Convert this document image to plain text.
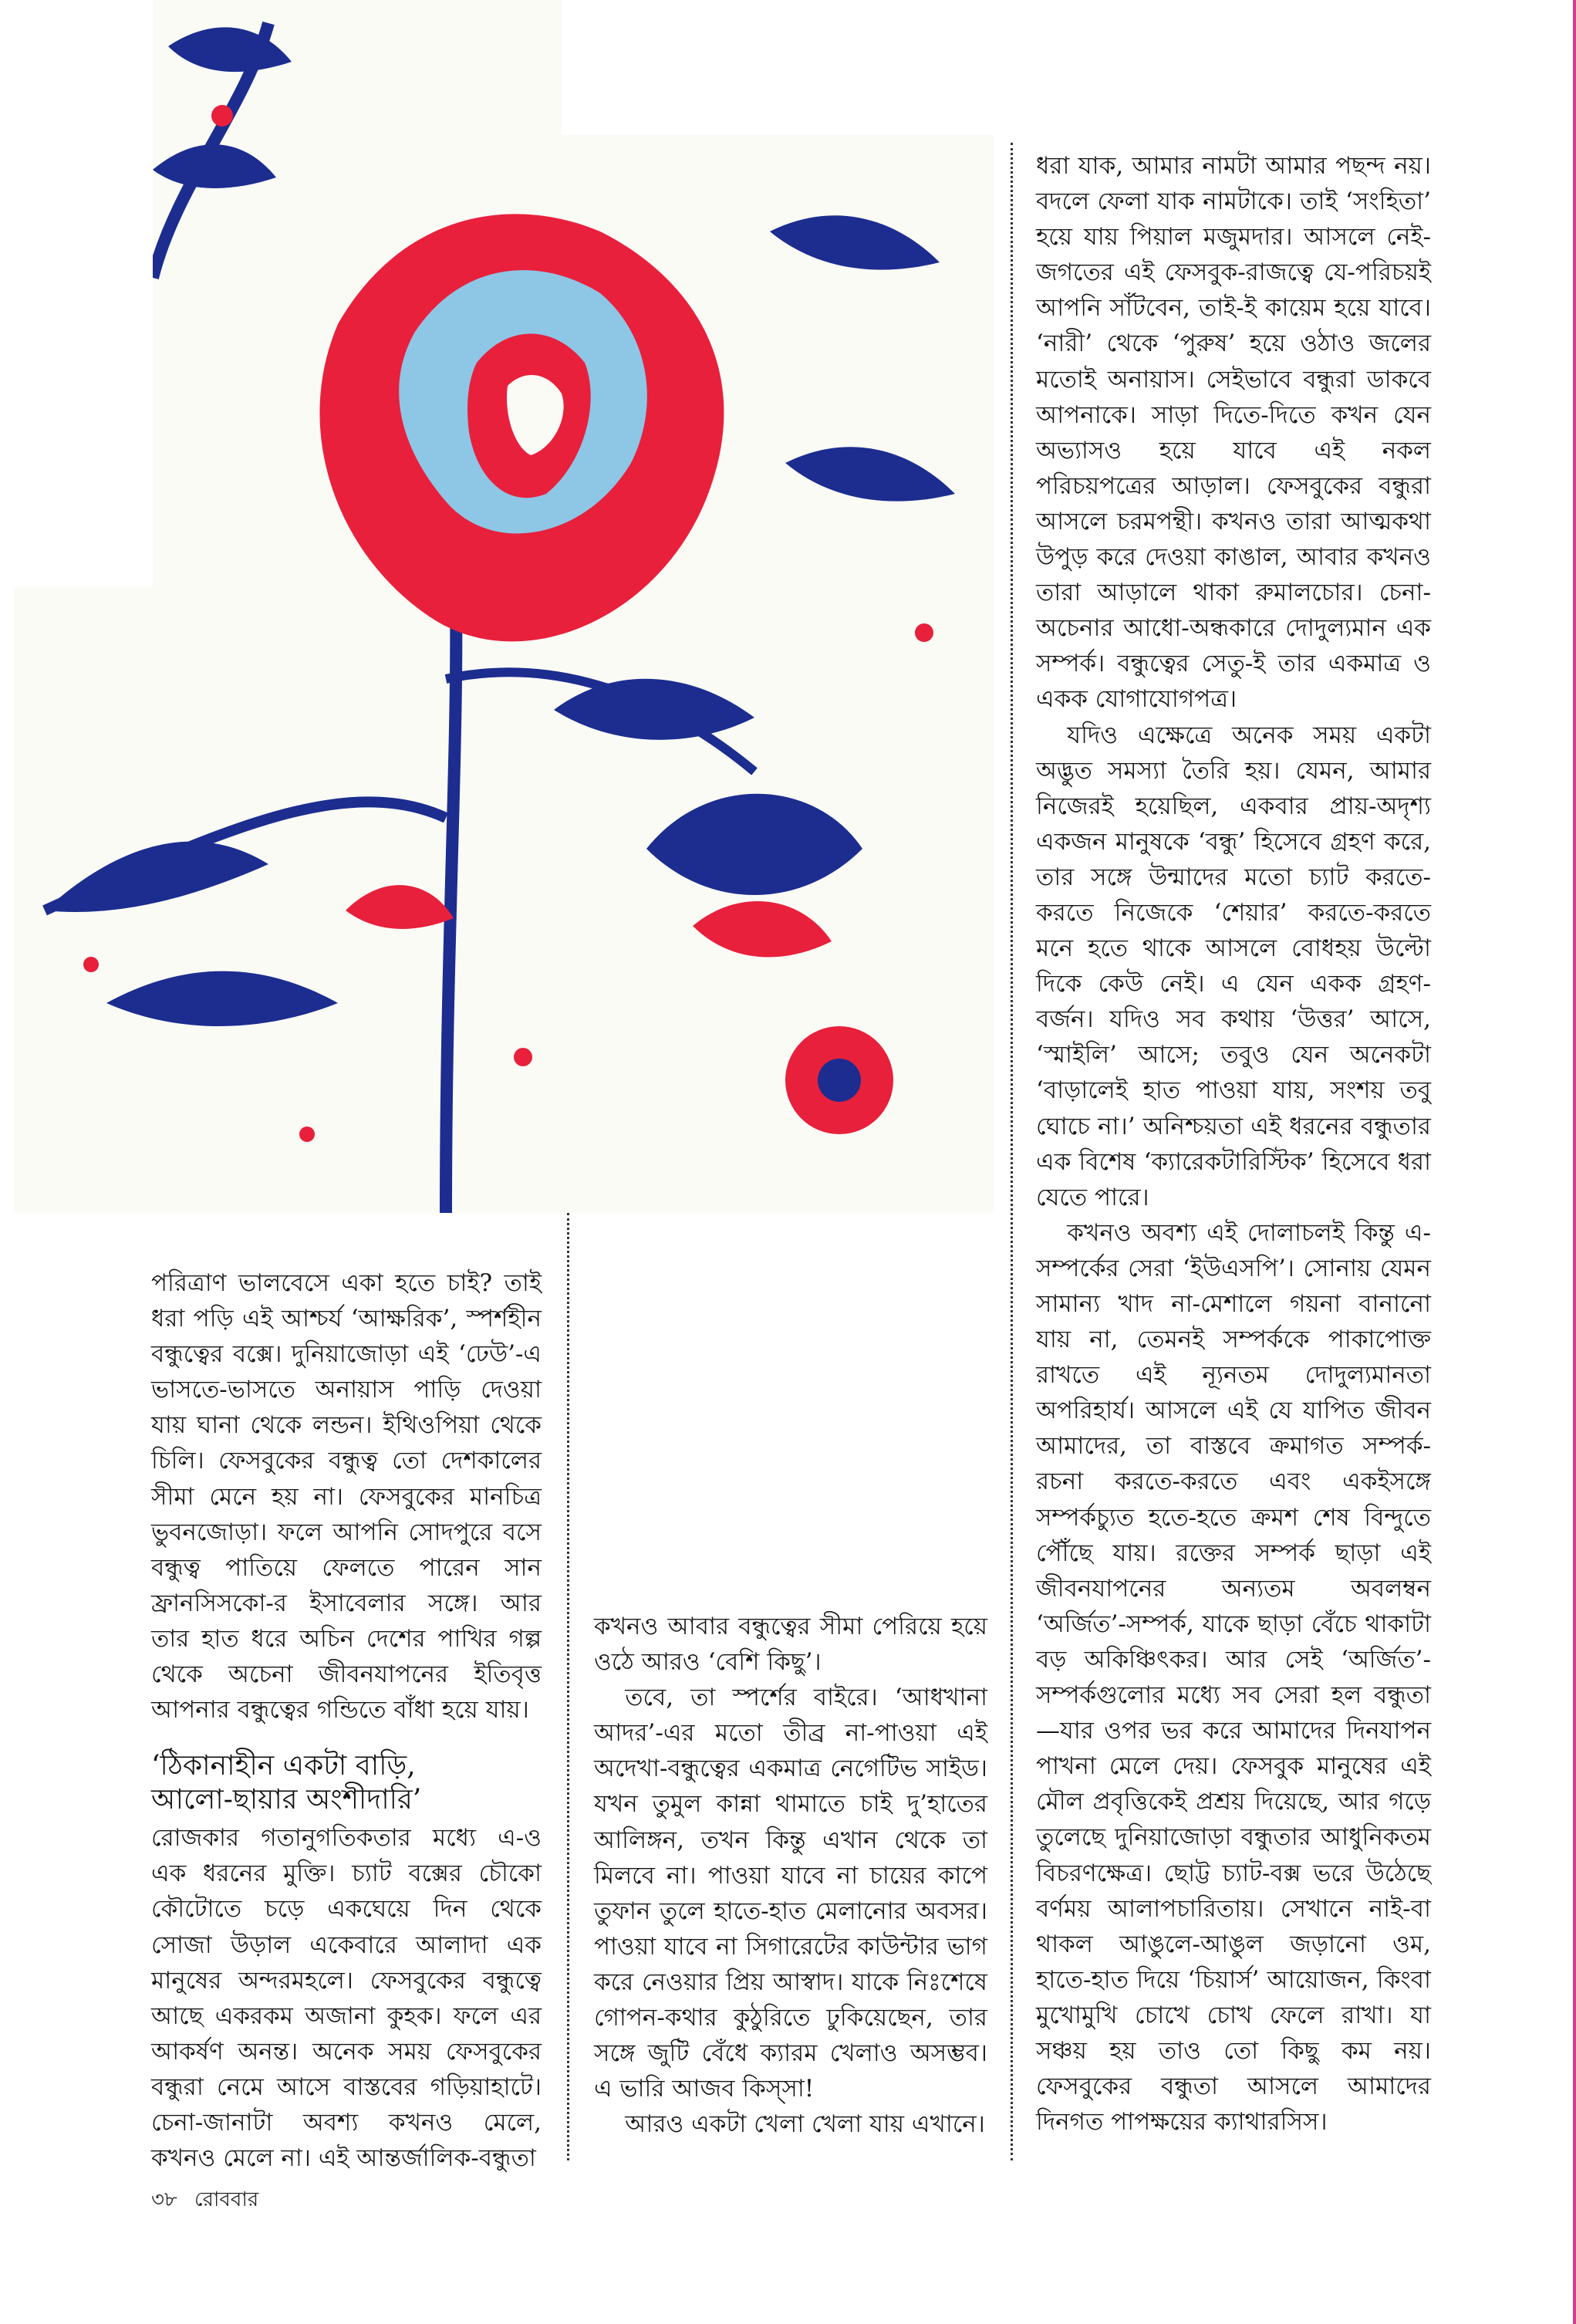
পরিত্রাণ ভালবেসে একা হতে চাই? তাই ধরা পড়ি এই আশ্চর্য ‘আক্ষরিক’, স্পর্শহীন বন্ধুত্বের বক্সে। দুনিয়াজোড়া এই ‘ঢেউ’-এ ভাসতে-ভাসতে অনায়াস পাড়ি দেওয়া যায় ঘানা থেকে লন্ডন। ইথিওপিয়া থেকে চিলি। ফেসবুকের বন্ধুত্ব তো দেশকালের সীমা মেনে হয় না। ফেসবুকের মানচিত্র ভুবনজোড়া। ফলে আপনি সোদপুরে বসে বন্ধুত্ব পাতিয়ে ফেলতে পারেন সান ফ্রানসিসকো-র ইসাবেলার সঙ্গে। আর তার হাত ধরে অচিন দেশের পাখির গল্প থেকে অচেনা জীবনযাপনের ইতিবৃত্ত আপনার বন্ধুত্বের গন্ডিতে বাঁধা হয়ে যায়।

‘ঠিকানাহীন একটা বাড়ি,
আলো-ছায়ার অংশীদারি’

রোজকার গতানুগতিকতার মধ্যে এ-ও এক ধরনের মুক্তি। চ্যাট বক্সের চৌকো কৌটোতে চড়ে একঘেয়ে দিন থেকে সোজা উড়াল একেবারে আলাদা এক মানুষের অন্দরমহলে। ফেসবুকের বন্ধুত্বে আছে একরকম অজানা কুহক। ফলে এর আকর্ষণ অনন্ত। অনেক সময় ফেসবুকের বন্ধুরা নেমে আসে বাস্তবের গড়িয়াহাটে। চেনা-জানাটা অবশ্য কখনও মেলে, কখনও মেলে না। এই আন্তর্জালিক-বন্ধুতা

কখনও আবার বন্ধুত্বের সীমা পেরিয়ে হয়ে ওঠে আরও ‘বেশি কিছু’।

তবে, তা স্পর্শের বাইরে। ‘আধখানা আদর’-এর মতো তীব্র না-পাওয়া এই অদেখা-বন্ধুত্বের একমাত্র নেগেটিভ সাইড। যখন তুমুল কান্না থামাতে চাই দু’হাতের আলিঙ্গন, তখন কিন্তু এখান থেকে তা মিলবে না। পাওয়া যাবে না চায়ের কাপে তুফান তুলে হাতে-হাত মেলানোর অবসর। পাওয়া যাবে না সিগারেটের কাউন্টার ভাগ করে নেওয়ার প্রিয় আস্বাদ। যাকে নিঃশেষে গোপন-কথার কুঠুরিতে ঢুকিয়েছেন, তার সঙ্গে জুটি বেঁধে ক্যারম খেলাও অসম্ভব। এ ভারি আজব কিস্‌সা!

আরও একটা খেলা খেলা যায় এখানে।

ধরা যাক, আমার নামটা আমার পছন্দ নয়। বদলে ফেলা যাক নামটাকে। তাই ‘সংহিতা’ হয়ে যায় পিয়াল মজুমদার। আসলে নেই-জগতের এই ফেসবুক-রাজত্বে যে-পরিচয়ই আপনি সাঁটবেন, তাই-ই কায়েম হয়ে যাবে। ‘নারী’ থেকে ‘পুরুষ’ হয়ে ওঠাও জলের মতোই অনায়াস। সেইভাবে বন্ধুরা ডাকবে আপনাকে। সাড়া দিতে-দিতে কখন যেন অভ্যাসও হয়ে যাবে এই নকল পরিচয়পত্রের আড়াল। ফেসবুকের বন্ধুরা আসলে চরমপন্থী। কখনও তারা আত্মকথা উপুড় করে দেওয়া কাঙাল, আবার কখনও তারা আড়ালে থাকা রুমালচোর। চেনা-অচেনার আধো-অন্ধকারে দোদুল্যমান এক সম্পর্ক। বন্ধুত্বের সেতু-ই তার একমাত্র ও একক যোগাযোগপত্র।

যদিও এক্ষেত্রে অনেক সময় একটা অদ্ভুত সমস্যা তৈরি হয়। যেমন, আমার নিজেরই হয়েছিল, একবার প্রায়-অদৃশ্য একজন মানুষকে ‘বন্ধু’ হিসেবে গ্রহণ করে, তার সঙ্গে উন্মাদের মতো চ্যাট করতে-করতে নিজেকে ‘শেয়ার’ করতে-করতে মনে হতে থাকে আসলে বোধহয় উল্টো দিকে কেউ নেই। এ যেন একক গ্রহণ-বর্জন। যদিও সব কথায় ‘উত্তর’ আসে, ‘স্মাইলি’ আসে; তবুও যেন অনেকটা ‘বাড়ালেই হাত পাওয়া যায়, সংশয় তবু ঘোচে না।’ অনিশ্চয়তা এই ধরনের বন্ধুতার এক বিশেষ ‘ক্যারেকটারিস্টিক’ হিসেবে ধরা যেতে পারে।

কখনও অবশ্য এই দোলাচলই কিন্তু এ-সম্পর্কের সেরা ‘ইউএসপি’। সোনায় যেমন সামান্য খাদ না-মেশালে গয়না বানানো যায় না, তেমনই সম্পর্ককে পাকাপোক্ত রাখতে এই ন্যূনতম দোদুল্যমানতা অপরিহার্য। আসলে এই যে যাপিত জীবন আমাদের, তা বাস্তবে ক্রমাগত সম্পর্ক-রচনা করতে-করতে এবং একইসঙ্গে সম্পর্কচ্যুত হতে-হতে ক্রমশ শেষ বিন্দুতে পৌঁছে যায়। রক্তের সম্পর্ক ছাড়া এই জীবনযাপনের অন্যতম অবলম্বন ‘অর্জিত’-সম্পর্ক, যাকে ছাড়া বেঁচে থাকাটা বড় অকিঞ্চিৎকর। আর সেই ‘অর্জিত’-সম্পর্কগুলোর মধ্যে সব সেরা হল বন্ধুতা—যার ওপর ভর করে আমাদের দিনযাপন পাখনা মেলে দেয়। ফেসবুক মানুষের এই মৌল প্রবৃত্তিকেই প্রশ্রয় দিয়েছে, আর গড়ে তুলেছে দুনিয়াজোড়া বন্ধুতার আধুনিকতম বিচরণক্ষেত্র। ছোট্ট চ্যাট-বক্স ভরে উঠেছে বর্ণময় আলাপচারিতায়। সেখানে নাই-বা থাকল আঙুলে-আঙুল জড়ানো ওম, হাতে-হাত দিয়ে ‘চিয়ার্স’ আয়োজন, কিংবা মুখোমুখি চোখে চোখ ফেলে রাখা। যা সঞ্চয় হয় তাও তো কিছু কম নয়। ফেসবুকের বন্ধুতা আসলে আমাদের দিনগত পাপক্ষয়ের ক্যাথারসিস।

৩৮ রোববার
